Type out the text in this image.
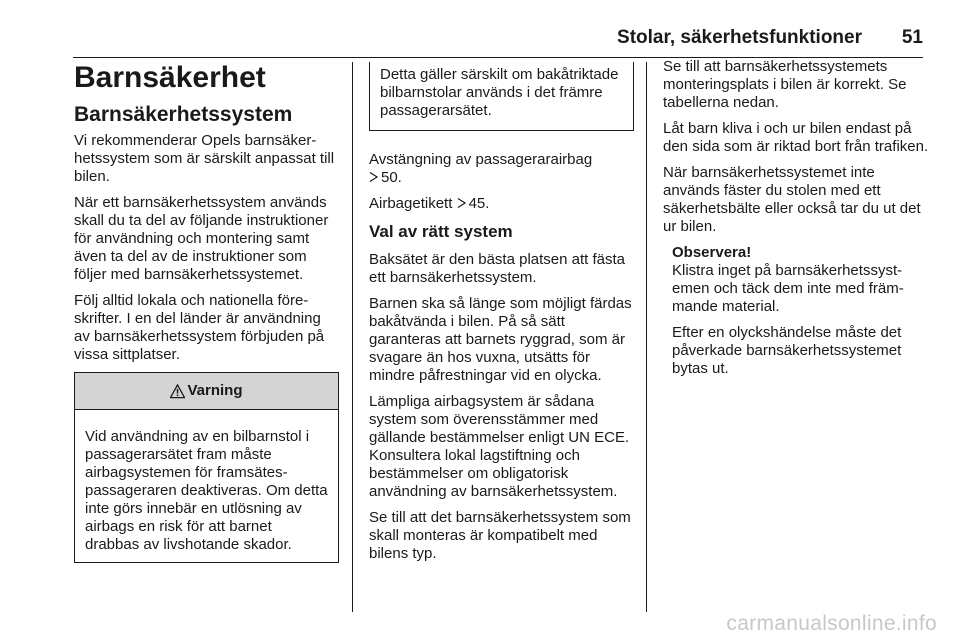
Stolar, säkerhetsfunktioner 51
Barnsäkerhet
Barnsäkerhetssystem

Vi rekommenderar Opels barnsäkerhetssystem som är särskilt anpassat till bilen.

När ett barnsäkerhetssystem används skall du ta del av följande instruktioner för användning och montering samt även ta del av de instruktioner som följer med barnsäkerhetssystemet.

Följ alltid lokala och nationella föreskrifter. I en del länder är användning av barnsäkerhetssystem förbjuden på vissa sittplatser.

Varning
Vid användning av en bilbarnstol i passagerarsätet fram måste airbagsystemen för framsätespassageraren deaktiveras. Om detta inte görs innebär en utlösning av airbags en risk för att barnet drabbas av livshotande skador.
Detta gäller särskilt om bakåtriktade bilbarnstolar används i det främre passagerarsätet.

Avstängning av passagerarairbag
50.

Airbagetikett 45.

Val av rätt system

Baksätet är den bästa platsen att fästa ett barnsäkerhetssystem.

Barnen ska så länge som möjligt färdas bakåtvända i bilen. På så sätt garanteras att barnets ryggrad, som är svagare än hos vuxna, utsätts för mindre påfrestningar vid en olycka.

Lämpliga airbagsystem är sådana system som överensstämmer med gällande bestämmelser enligt UN ECE. Konsultera lokal lagstiftning och bestämmelser om obligatorisk användning av barnsäkerhetssystem.

Se till att det barnsäkerhetssystem som skall monteras är kompatibelt med bilens typ.

Se till att barnsäkerhetssystemets monteringsplats i bilen är korrekt. Se tabellerna nedan.

Låt barn kliva i och ur bilen endast på den sida som är riktad bort från trafiken.

När barnsäkerhetssystemet inte används fäster du stolen med ett säkerhetsbälte eller också tar du ut det ur bilen.

Observera!

Klistra inget på barnsäkerhetssystemen och täck dem inte med främmande material.

Efter en olyckshändelse måste det påverkade barnsäkerhetssystemet bytas ut.

carmanualsonline.info
